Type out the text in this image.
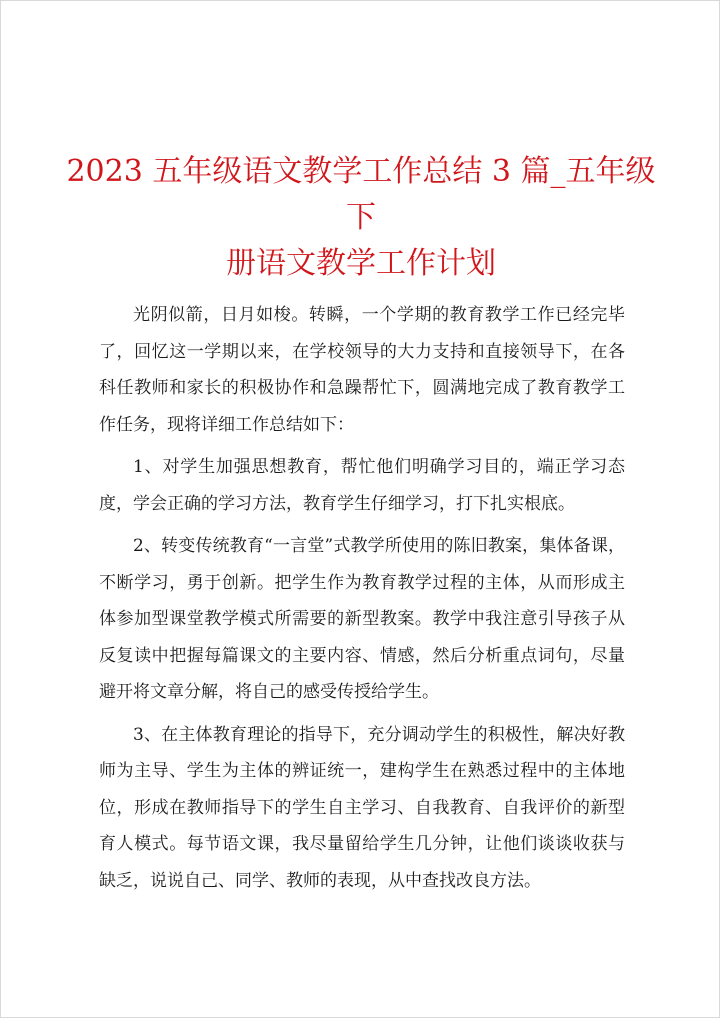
2023 五年级语文教学工作总结 3 篇_五年级下
册语文教学工作计划

光阴似箭，日月如梭。转瞬，一个学期的教育教学工作已经完毕了，回忆这一学期以来，在学校领导的大力支持和直接领导下，在各科任教师和家长的积极协作和急躁帮忙下，圆满地完成了教育教学工作任务，现将详细工作总结如下：

1、对学生加强思想教育，帮忙他们明确学习目的，端正学习态度，学会正确的学习方法，教育学生仔细学习，打下扎实根底。

2、转变传统教育“一言堂”式教学所使用的陈旧教案，集体备课，不断学习，勇于创新。把学生作为教育教学过程的主体，从而形成主体参加型课堂教学模式所需要的新型教案。教学中我注意引导孩子从反复读中把握每篇课文的主要内容、情感，然后分析重点词句，尽量避开将文章分解，将自己的感受传授给学生。

3、在主体教育理论的指导下，充分调动学生的积极性，解决好教师为主导、学生为主体的辨证统一，建构学生在熟悉过程中的主体地位，形成在教师指导下的学生自主学习、自我教育、自我评价的新型育人模式。每节语文课，我尽量留给学生几分钟，让他们谈谈收获与缺乏，说说自己、同学、教师的表现，从中查找改良方法。
